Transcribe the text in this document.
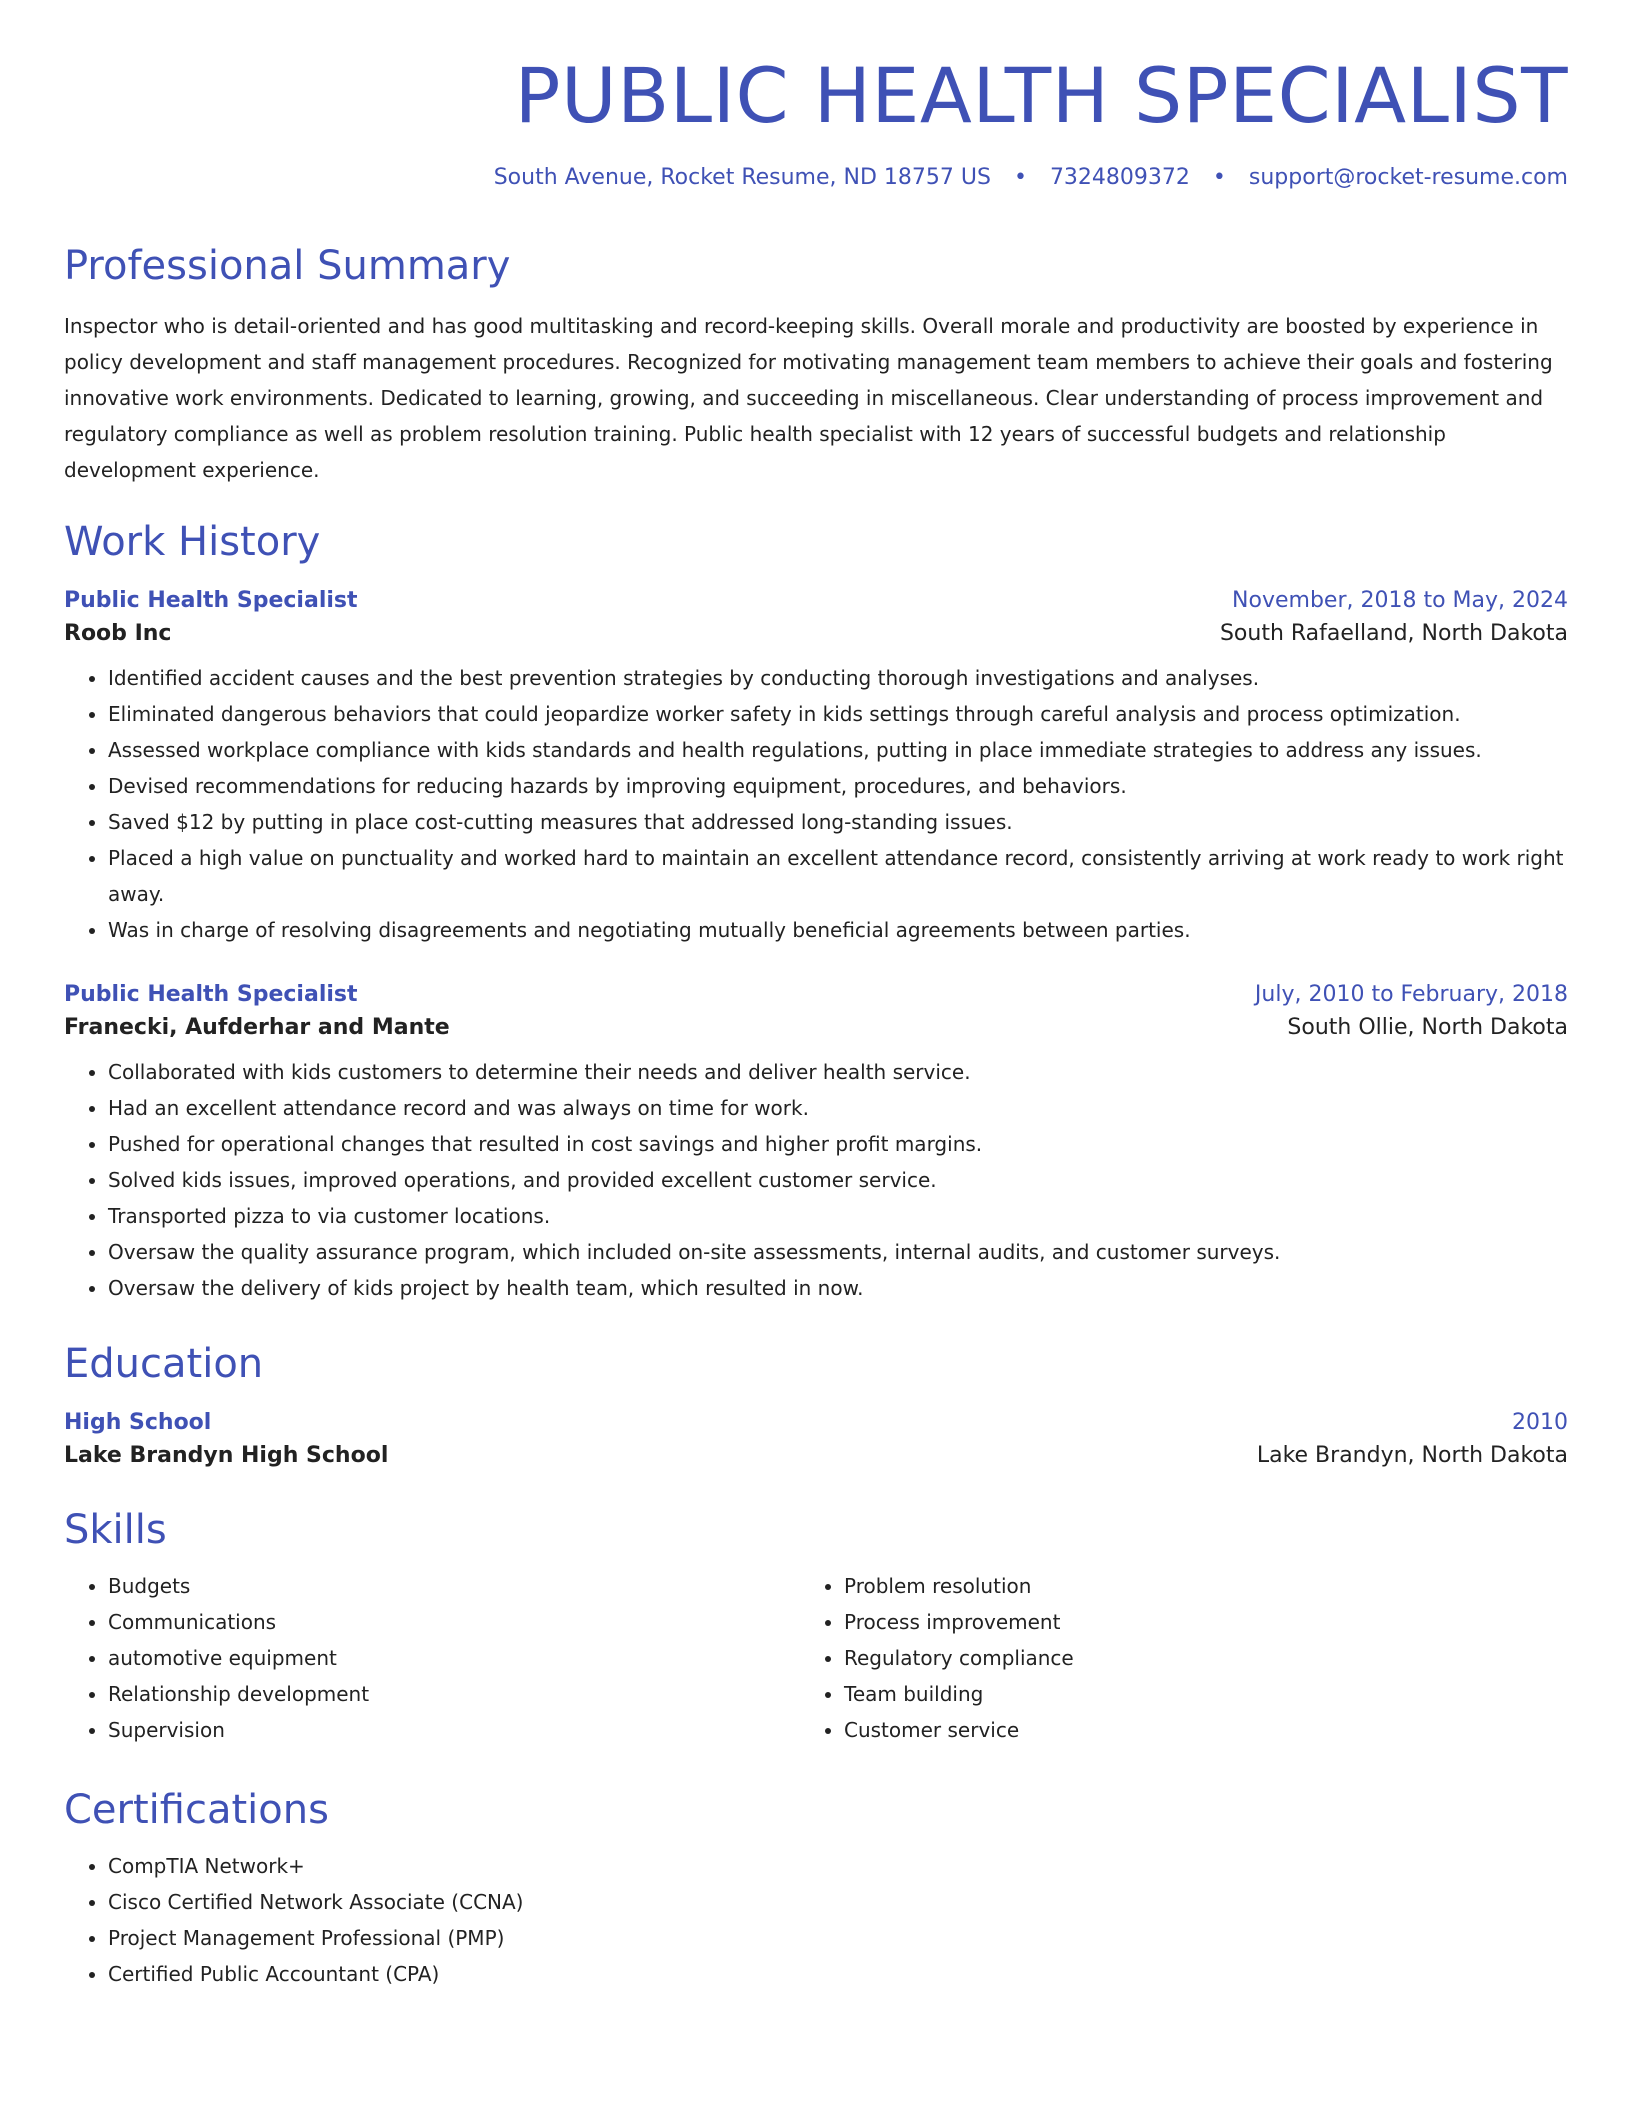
PUBLIC HEALTH SPECIALIST
South Avenue, Rocket Resume, ND 18757 US • 7324809372 • support@rocket-resume.com
Professional Summary
Inspector who is detail-oriented and has good multitasking and record-keeping skills. Overall morale and productivity are boosted by experience in policy development and staff management procedures. Recognized for motivating management team members to achieve their goals and fostering innovative work environments. Dedicated to learning, growing, and succeeding in miscellaneous. Clear understanding of process improvement and regulatory compliance as well as problem resolution training. Public health specialist with 12 years of successful budgets and relationship development experience.
Work History
Public Health Specialist	November, 2018 to May, 2024
Roob Inc	South Rafaelland, North Dakota
• Identified accident causes and the best prevention strategies by conducting thorough investigations and analyses.
• Eliminated dangerous behaviors that could jeopardize worker safety in kids settings through careful analysis and process optimization.
• Assessed workplace compliance with kids standards and health regulations, putting in place immediate strategies to address any issues.
• Devised recommendations for reducing hazards by improving equipment, procedures, and behaviors.
• Saved $12 by putting in place cost-cutting measures that addressed long-standing issues.
• Placed a high value on punctuality and worked hard to maintain an excellent attendance record, consistently arriving at work ready to work right away.
• Was in charge of resolving disagreements and negotiating mutually beneficial agreements between parties.
Public Health Specialist	July, 2010 to February, 2018
Franecki, Aufderhar and Mante	South Ollie, North Dakota
• Collaborated with kids customers to determine their needs and deliver health service.
• Had an excellent attendance record and was always on time for work.
• Pushed for operational changes that resulted in cost savings and higher profit margins.
• Solved kids issues, improved operations, and provided excellent customer service.
• Transported pizza to via customer locations.
• Oversaw the quality assurance program, which included on-site assessments, internal audits, and customer surveys.
• Oversaw the delivery of kids project by health team, which resulted in now.
Education
High School	2010
Lake Brandyn High School	Lake Brandyn, North Dakota
Skills
• Budgets
• Communications
• automotive equipment
• Relationship development
• Supervision
• Problem resolution
• Process improvement
• Regulatory compliance
• Team building
• Customer service
Certifications
• CompTIA Network+
• Cisco Certified Network Associate (CCNA)
• Project Management Professional (PMP)
• Certified Public Accountant (CPA)
